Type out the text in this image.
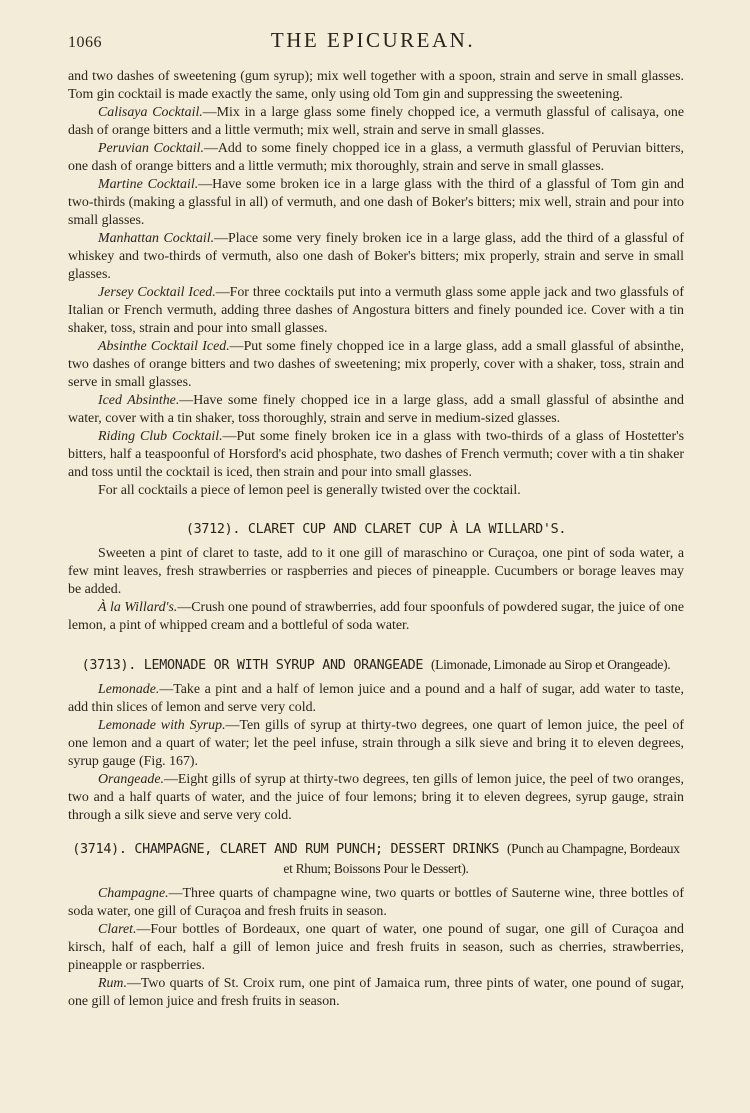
1066	THE EPICUREAN.

and two dashes of sweetening (gum syrup); mix well together with a spoon, strain and serve in small glasses. Tom gin cocktail is made exactly the same, only using old Tom gin and suppressing the sweetening.

Calisaya Cocktail.—Mix in a large glass some finely chopped ice, a vermuth glassful of calisaya, one dash of orange bitters and a little vermuth; mix well, strain and serve in small glasses.

Peruvian Cocktail.—Add to some finely chopped ice in a glass, a vermuth glassful of Peruvian bitters, one dash of orange bitters and a little vermuth; mix thoroughly, strain and serve in small glasses.

Martine Cocktail.—Have some broken ice in a large glass with the third of a glassful of Tom gin and two-thirds (making a glassful in all) of vermuth, and one dash of Boker's bitters; mix well, strain and pour into small glasses.

Manhattan Cocktail.—Place some very finely broken ice in a large glass, add the third of a glassful of whiskey and two-thirds of vermuth, also one dash of Boker's bitters; mix properly, strain and serve in small glasses.

Jersey Cocktail Iced.—For three cocktails put into a vermuth glass some apple jack and two glassfuls of Italian or French vermuth, adding three dashes of Angostura bitters and finely pounded ice. Cover with a tin shaker, toss, strain and pour into small glasses.

Absinthe Cocktail Iced.—Put some finely chopped ice in a large glass, add a small glassful of absinthe, two dashes of orange bitters and two dashes of sweetening; mix properly, cover with a shaker, toss, strain and serve in small glasses.

Iced Absinthe.—Have some finely chopped ice in a large glass, add a small glassful of absinthe and water, cover with a tin shaker, toss thoroughly, strain and serve in medium-sized glasses.

Riding Club Cocktail.—Put some finely broken ice in a glass with two-thirds of a glass of Hostetter's bitters, half a teaspoonful of Horsford's acid phosphate, two dashes of French vermuth; cover with a tin shaker and toss until the cocktail is iced, then strain and pour into small glasses.

For all cocktails a piece of lemon peel is generally twisted over the cocktail.

(3712). CLARET CUP AND CLARET CUP À LA WILLARD'S.

Sweeten a pint of claret to taste, add to it one gill of maraschino or Curaçoa, one pint of soda water, a few mint leaves, fresh strawberries or raspberries and pieces of pineapple. Cucumbers or borage leaves may be added.

À la Willard's.—Crush one pound of strawberries, add four spoonfuls of powdered sugar, the juice of one lemon, a pint of whipped cream and a bottleful of soda water.

(3713). LEMONADE OR WITH SYRUP AND ORANGEADE (Limonade, Limonade au Sirop et Orangeade).

Lemonade.—Take a pint and a half of lemon juice and a pound and a half of sugar, add water to taste, add thin slices of lemon and serve very cold.

Lemonade with Syrup.—Ten gills of syrup at thirty-two degrees, one quart of lemon juice, the peel of one lemon and a quart of water; let the peel infuse, strain through a silk sieve and bring it to eleven degrees, syrup gauge (Fig. 167).

Orangeade.—Eight gills of syrup at thirty-two degrees, ten gills of lemon juice, the peel of two oranges, two and a half quarts of water, and the juice of four lemons; bring it to eleven degrees, syrup gauge, strain through a silk sieve and serve very cold.

(3714). CHAMPAGNE, CLARET AND RUM PUNCH; DESSERT DRINKS (Punch au Champagne, Bordeaux et Rhum; Boissons Pour le Dessert).

Champagne.—Three quarts of champagne wine, two quarts or bottles of Sauterne wine, three bottles of soda water, one gill of Curaçoa and fresh fruits in season.

Claret.—Four bottles of Bordeaux, one quart of water, one pound of sugar, one gill of Curaçoa and kirsch, half of each, half a gill of lemon juice and fresh fruits in season, such as cherries, strawberries, pineapple or raspberries.

Rum.—Two quarts of St. Croix rum, one pint of Jamaica rum, three pints of water, one pound of sugar, one gill of lemon juice and fresh fruits in season.
